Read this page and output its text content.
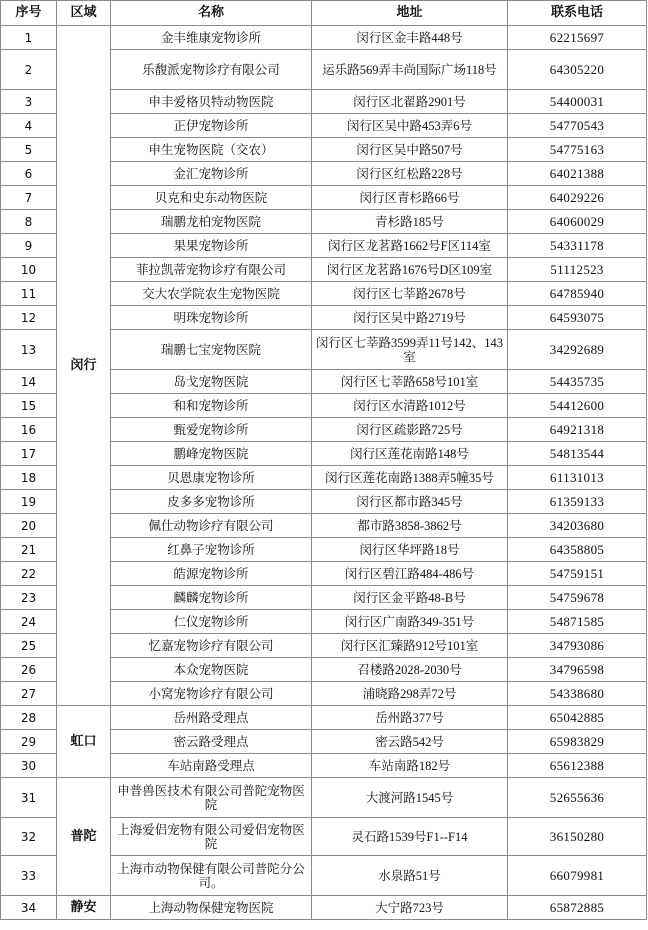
序号	区域	名称	地址	联系电话
1	闵行	金丰维康宠物诊所	闵行区金丰路448号	62215697
2		乐馥派宠物诊疗有限公司	运乐路569弄丰尚国际广场118号	64305220
3		申丰爱格贝特动物医院	闵行区北翟路2901号	54400031
4		正伊宠物诊所	闵行区吴中路453弄6号	54770543
5		申生宠物医院（交农）	闵行区吴中路507号	54775163
6		金汇宠物诊所	闵行区红松路228号	64021388
7		贝克和史东动物医院	闵行区青杉路66号	64029226
8		瑞鹏龙柏宠物医院	青杉路185号	64060029
9		果果宠物诊所	闵行区龙茗路1662号F区114室	54331178
10		菲拉凯蒂宠物诊疗有限公司	闵行区龙茗路1676号D区109室	51112523
11		交大农学院农生宠物医院	闵行区七莘路2678号	64785940
12		明珠宠物诊所	闵行区吴中路2719号	64593075
13		瑞鹏七宝宠物医院	闵行区七莘路3599弄11号142、143室	34292689
14		岛戈宠物医院	闵行区七莘路658号101室	54435735
15		和和宠物诊所	闵行区水清路1012号	54412600
16		甄爱宠物诊所	闵行区疏影路725号	64921318
17		鹏峰宠物医院	闵行区莲花南路148号	54813544
18		贝恩康宠物诊所	闵行区莲花南路1388弄5幢35号	61131013
19		皮多多宠物诊所	闵行区都市路345号	61359133
20		佩仕动物诊疗有限公司	都市路3858-3862号	34203680
21		红鼻子宠物诊所	闵行区华坪路18号	64358805
22		皓源宠物诊所	闵行区碧江路484-486号	54759151
23		麟麟宠物诊所	闵行区金平路48-B号	54759678
24		仁仪宠物诊所	闵行区广南路349-351号	54871585
25		忆嘉宠物诊疗有限公司	闵行区汇臻路912号101室	34793086
26		本众宠物医院	召楼路2028-2030号	34796598
27		小窝宠物诊疗有限公司	浦晓路298弄72号	54338680
28	虹口	岳州路受理点	岳州路377号	65042885
29		密云路受理点	密云路542号	65983829
30		车站南路受理点	车站南路182号	65612388
31	普陀	申普兽医技术有限公司普陀宠物医院	大渡河路1545号	52655636
32		上海爱侣宠物有限公司爱侣宠物医院	灵石路1539号F1--F14	36150280
33		上海市动物保健有限公司普陀分公司。	水泉路51号	66079981
34	静安	上海动物保健宠物医院	大宁路723号	65872885
